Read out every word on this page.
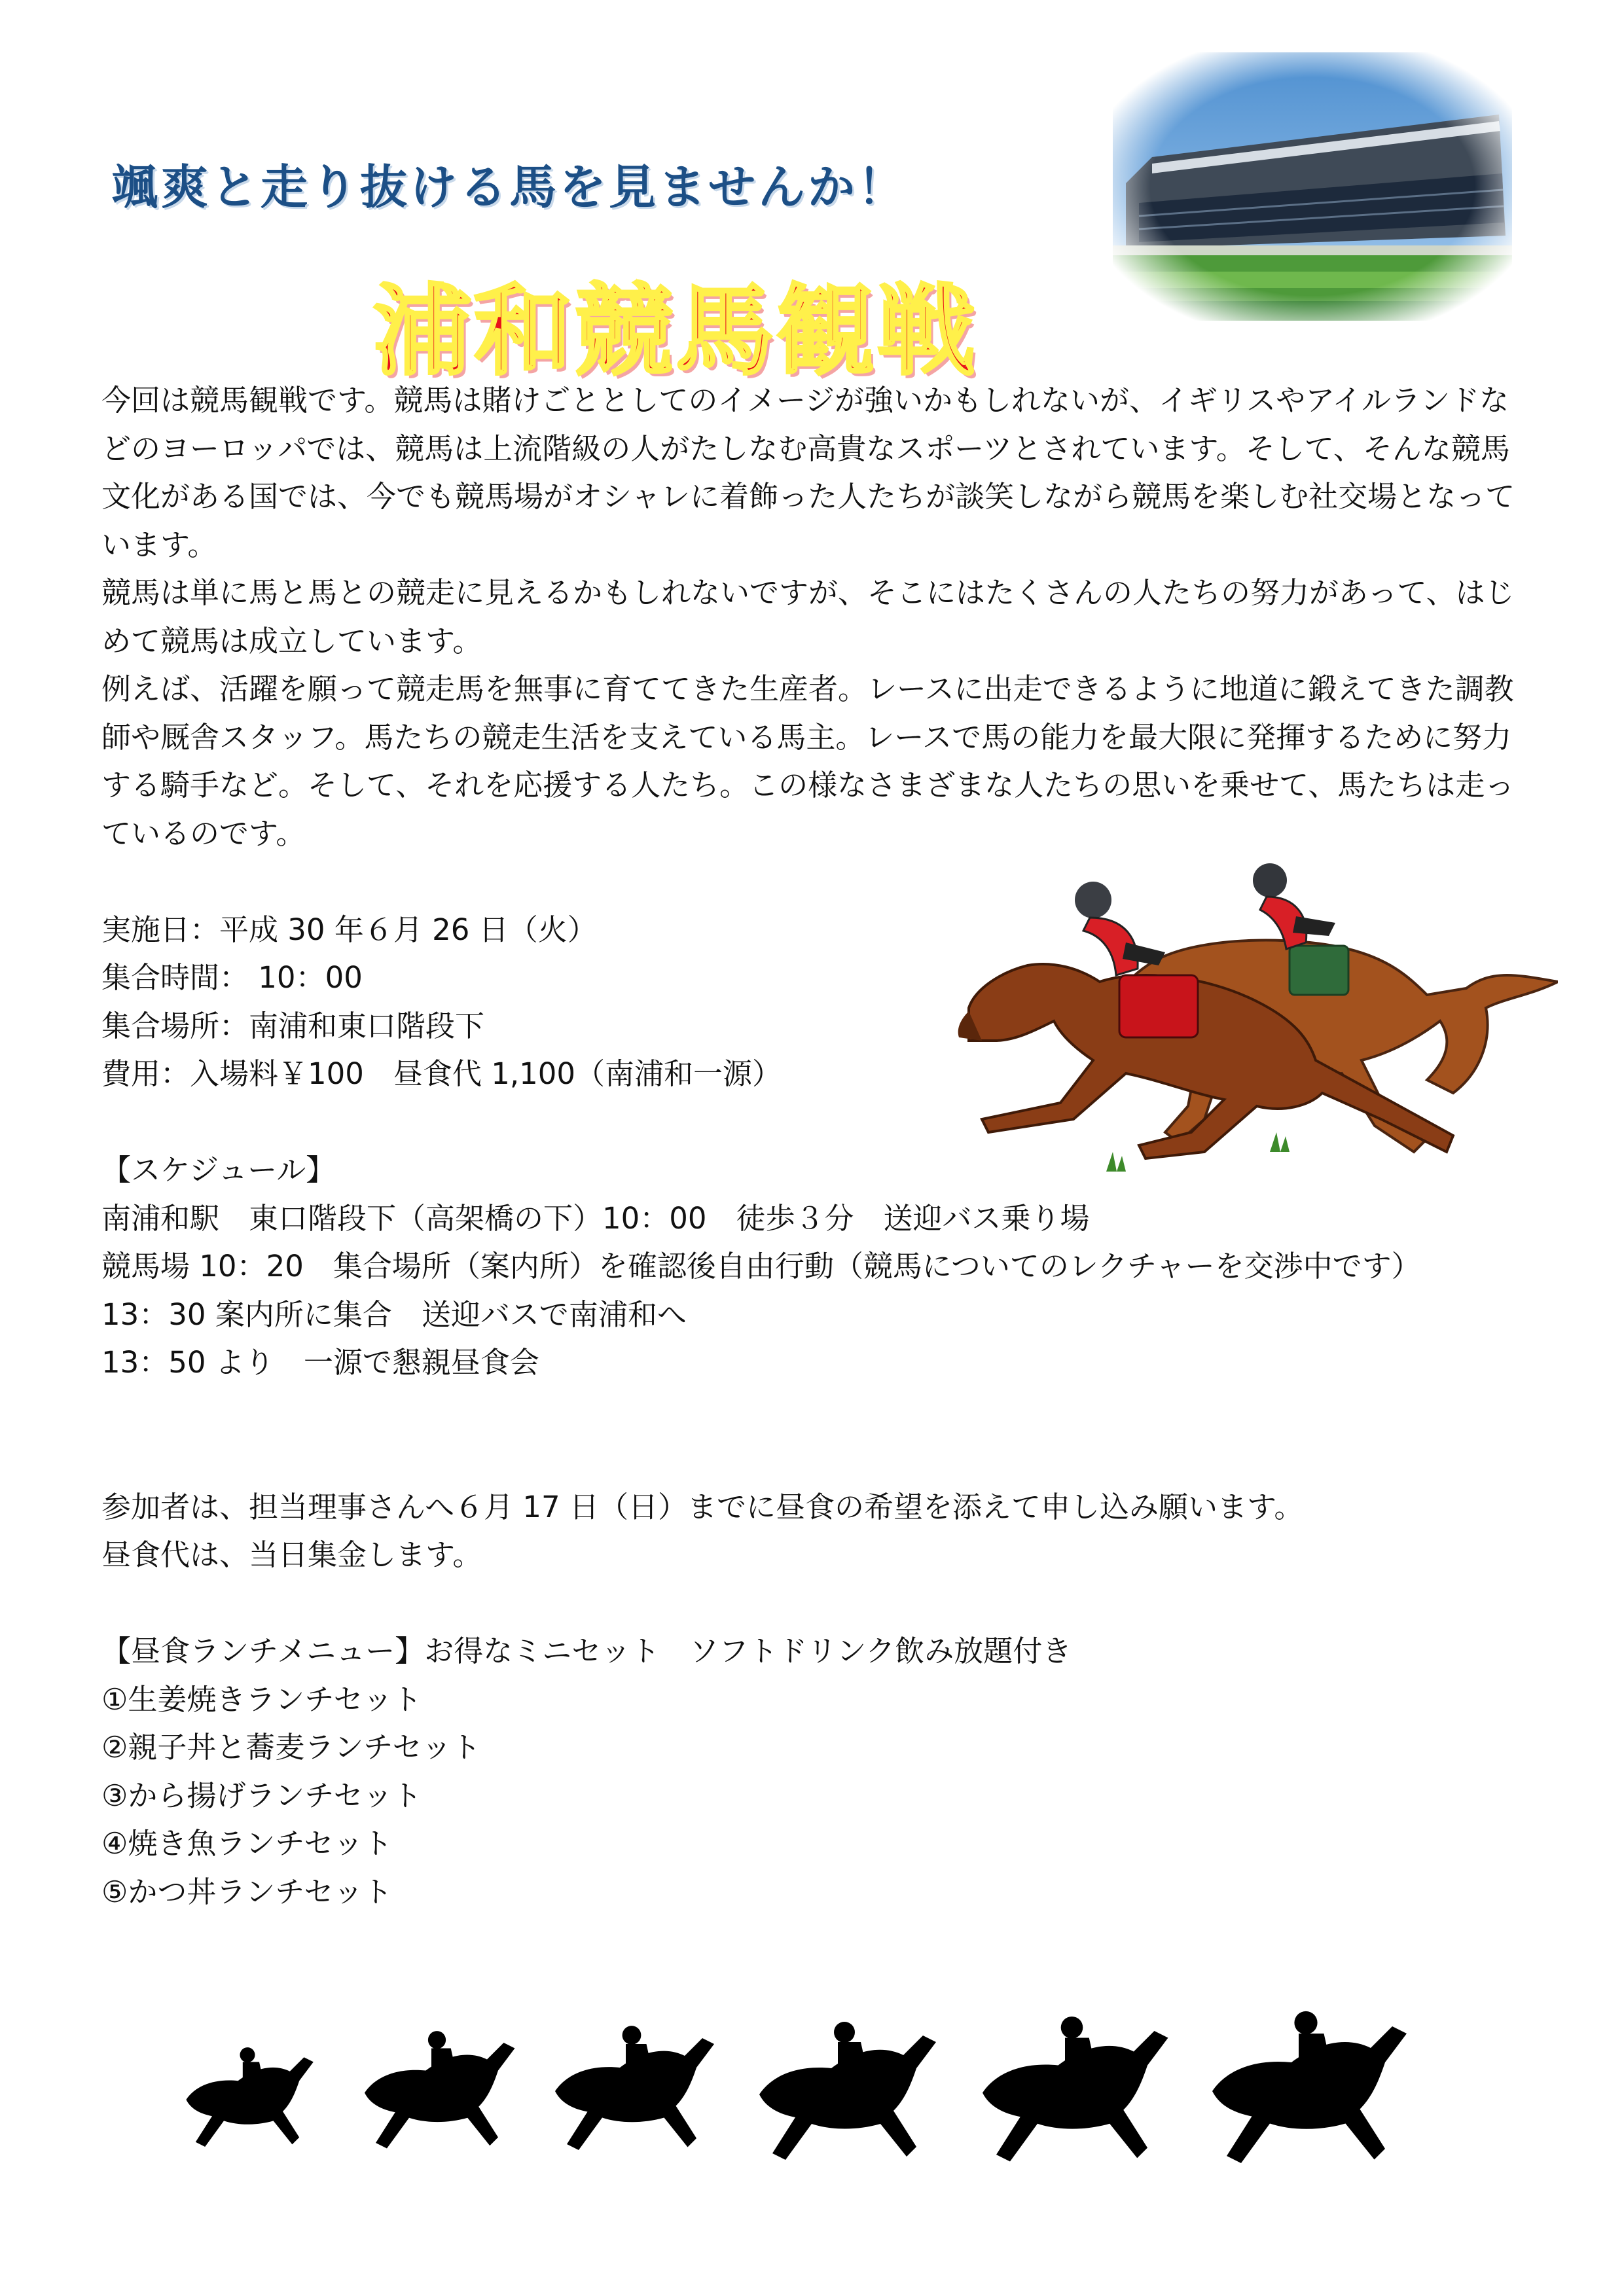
颯爽と走り抜ける馬を見ませんか！
浦和競馬観戦

今回は競馬観戦です。競馬は賭けごととしてのイメージが強いかもしれないが、イギリスやアイルランドなどのヨーロッパでは、競馬は上流階級の人がたしなむ高貴なスポーツとされています。そして、そんな競馬文化がある国では、今でも競馬場がオシャレに着飾った人たちが談笑しながら競馬を楽しむ社交場となっています。

競馬は単に馬と馬との競走に見えるかもしれないですが、そこにはたくさんの人たちの努力があって、はじめて競馬は成立しています。

例えば、活躍を願って競走馬を無事に育ててきた生産者。レースに出走できるように地道に鍛えてきた調教師や厩舎スタッフ。馬たちの競走生活を支えている馬主。レースで馬の能力を最大限に発揮するために努力する騎手など。そして、それを応援する人たち。この様なさまざまな人たちの思いを乗せて、馬たちは走っているのです。

実施日：平成 30 年６月 26 日（火）

集合時間： 10：00

集合場所：南浦和東口階段下

費用：入場料￥100　昼食代 1,100（南浦和一源）

【スケジュール】

南浦和駅　東口階段下（高架橋の下）10：00　徒歩３分　送迎バス乗り場

競馬場 10：20　集合場所（案内所）を確認後自由行動（競馬についてのレクチャーを交渉中です）

13：30 案内所に集合　送迎バスで南浦和へ

13：50 より　一源で懇親昼食会

参加者は、担当理事さんへ６月 17 日（日）までに昼食の希望を添えて申し込み願います。

昼食代は、当日集金します。

【昼食ランチメニュー】お得なミニセット　ソフトドリンク飲み放題付き

①生姜焼きランチセット

②親子丼と蕎麦ランチセット

③から揚げランチセット

④焼き魚ランチセット

⑤かつ丼ランチセット
